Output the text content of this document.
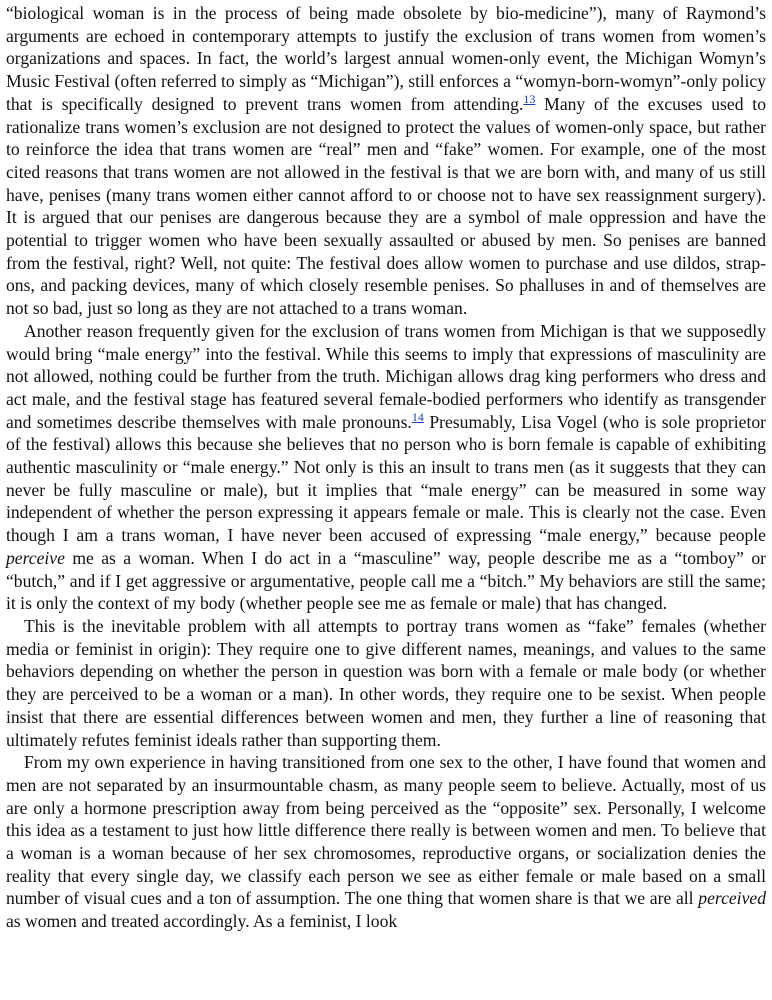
“biological woman is in the process of being made obsolete by bio-medicine”), many of Raymond’s arguments are echoed in contemporary attempts to justify the exclusion of trans women from women’s organizations and spaces. In fact, the world’s largest annual women-only event, the Michigan Womyn’s Music Festival (often referred to simply as “Michigan”), still enforces a “womyn-born-womyn”-only policy that is specifically designed to prevent trans women from attending.$^{13}$ Many of the excuses used to rationalize trans women’s exclusion are not designed to protect the values of women-only space, but rather to reinforce the idea that trans women are “real” men and “fake” women. For example, one of the most cited reasons that trans women are not allowed in the festival is that we are born with, and many of us still have, penises (many trans women either cannot afford to or choose not to have sex reassignment surgery). It is argued that our penises are dangerous because they are a symbol of male oppression and have the potential to trigger women who have been sexually assaulted or abused by men. So penises are banned from the festival, right? Well, not quite: The festival does allow women to purchase and use dildos, strap-ons, and packing devices, many of which closely resemble penises. So phalluses in and of themselves are not so bad, just so long as they are not attached to a trans woman.

Another reason frequently given for the exclusion of trans women from Michigan is that we supposedly would bring “male energy” into the festival. While this seems to imply that expressions of masculinity are not allowed, nothing could be further from the truth. Michigan allows drag king performers who dress and act male, and the festival stage has featured several female-bodied performers who identify as transgender and sometimes describe themselves with male pronouns.$^{14}$ Presumably, Lisa Vogel (who is sole proprietor of the festival) allows this because she believes that no person who is born female is capable of exhibiting authentic masculinity or “male energy.” Not only is this an insult to trans men (as it suggests that they can never be fully masculine or male), but it implies that “male energy” can be measured in some way independent of whether the person expressing it appears female or male. This is clearly not the case. Even though I am a trans woman, I have never been accused of expressing “male energy,” because people perceive me as a woman. When I do act in a “masculine” way, people describe me as a “tomboy” or “butch,” and if I get aggressive or argumentative, people call me a “bitch.” My behaviors are still the same; it is only the context of my body (whether people see me as female or male) that has changed.

This is the inevitable problem with all attempts to portray trans women as “fake” females (whether media or feminist in origin): They require one to give different names, meanings, and values to the same behaviors depending on whether the person in question was born with a female or male body (or whether they are perceived to be a woman or a man). In other words, they require one to be sexist. When people insist that there are essential differences between women and men, they further a line of reasoning that ultimately refutes feminist ideals rather than supporting them.

From my own experience in having transitioned from one sex to the other, I have found that women and men are not separated by an insurmountable chasm, as many people seem to believe. Actually, most of us are only a hormone prescription away from being perceived as the “opposite” sex. Personally, I welcome this idea as a testament to just how little difference there really is between women and men. To believe that a woman is a woman because of her sex chromosomes, reproductive organs, or socialization denies the reality that every single day, we classify each person we see as either female or male based on a small number of visual cues and a ton of assumption. The one thing that women share is that we are all perceived as women and treated accordingly. As a feminist, I look
